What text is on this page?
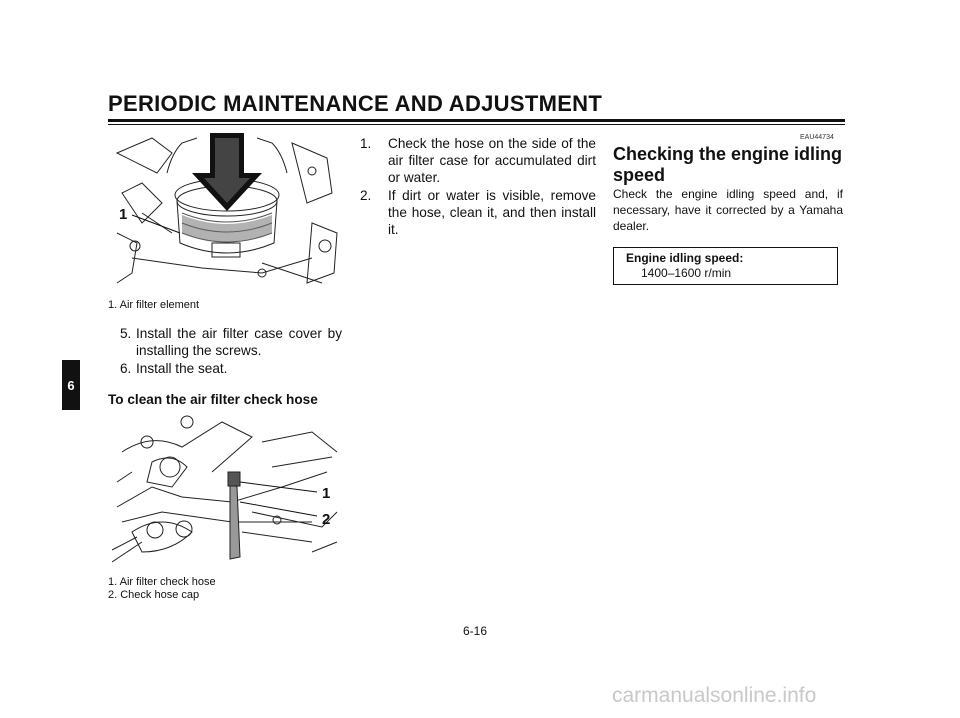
PERIODIC MAINTENANCE AND ADJUSTMENT
6
1
1. Air filter element
5. Install the air filter case cover by installing the screws.
6. Install the seat.
To clean the air filter check hose
1
2
1. Air filter check hose
2. Check hose cap
1. Check the hose on the side of the air filter case for accumulated dirt or water.
2. If dirt or water is visible, remove the hose, clean it, and then install it.
EAU44734
Checking the engine idling speed
Check the engine idling speed and, if necessary, have it corrected by a Yamaha dealer.
Engine idling speed:
1400–1600 r/min
6-16
carmanualsonline.info
